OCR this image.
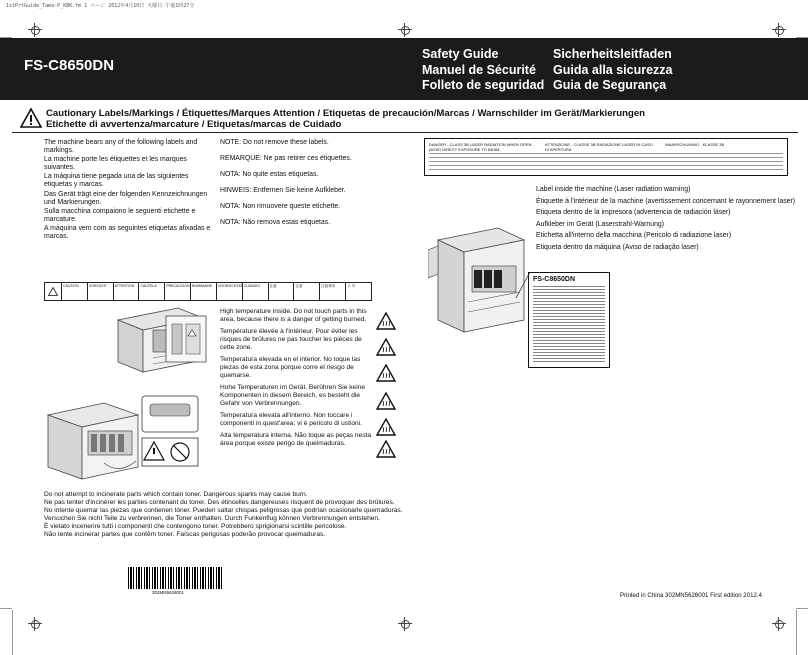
1stPrtGuide_Tama-P_KBK.fm 1 ページ 2012年4月10日 火曜日 午後1時27分
FS-C8650DN
Safety Guide
Manuel de Sécurité
Folleto de seguridad
Sicherheitsleitfaden
Guida alla sicurezza
Guia de Segurança
Cautionary Labels/Markings / Étiquettes/Marques Attention / Etiquetas de precaución/Marcas / Warnschilder im Gerät/Markierungen
Etichette di avvertenza/marcature / Etiquetas/marcas de Cuidado

The machine bears any of the following labels and markings.

La machine porte les étiquettes et les marques suivantes.

La máquina tiene pegada una de las siguientes etiquetas y marcas.

Das Gerät trägt eine der folgenden Kennzeichnungen und Markierungen.

Sulla macchina compaiono le seguenti etichette e marcature.

A máquina vem com as seguintes etiquetas afixadas e marcas.

NOTE: Do not remove these labels.

REMARQUE: Ne pas retirer ces étiquettes.

NOTA: No quite estas etiquetas.

HINWEIS: Entfernen Sie keine Aufkleber.

NOTA: Non rimuovere queste etichette.

NOTA: Não remova estas etiquetas.

CAUTION	VORSICHT	ATTENTION	CAUTELA	PRECAUCION ВНИМАНИЕ	VOORZICHTIG CUIDADO	注意	注意	注意事项	주 의

High temperature inside. Do not touch parts in this area, because there is a danger of getting burned.

Température élevée à l'intérieur. Pour éviter les risques de brûlures ne pas toucher les pièces de cette zone.

Temperatura elevada en el interior. No toque las piezas de esta zona porque corre el riesgo de quemarse.

Hohe Temperaturen im Gerät. Berühren Sie keine Komponenten in diesem Bereich, es besteht die Gefahr von Verbrennungen.

Temperatura elevata all'interno. Non toccare i componenti in quest'area; vi è pericolo di ustioni.

Alta temperatura interna. Não toque as peças nesta área porque existe perigo de queimaduras.

DANGER - CLASS 3B LASER RADIATION WHEN OPEN. AVOID DIRECT EXPOSURE TO BEAM.
ATTENZIONE - CLASSE 3B RADIAZIONE LASER IN CASO DI APERTURA
WAARSCHUWING - KLASSE 3B
Label inside the machine (Laser radiation warning)
Étiquette à l'intérieur de la machine (avertissement concernant le rayonnement laser)
Etiqueta dentro de la impresora (advertencia de radiación láser)
Aufkleber im Gerät (Laserstrahl-Warnung)
Etichetta all'interno della macchina (Pericolo di radiazione laser)
Etiqueta dentro da máquina (Aviso de radiação laser)
FS-C8650DN

Do not attempt to incinerate parts which contain toner. Dangerous sparks may cause burn.

Ne pas tenter d'incinérer les parties contenant du toner. Des étincelles dangereuses risquent de provoquer des brûlures.

No intente quemar las piezas que contienen tóner. Pueden saltar chispas peligrosas que podrían ocasionarle quemaduras.

Versuchen Sie nicht Teile zu verbrennen, die Toner enthalten. Durch Funkenflug können Verbrennungen entstehen.

È vietato incenerire tutti i componenti che contengono toner. Potrebbero sprigionarsi scintille pericolose.

Não tente incinerar partes que contêm toner. Faíscas perigosas poderão provocar queimaduras.

302MN5626001	Printed in China 302MN5626001 First edition 2012.4
